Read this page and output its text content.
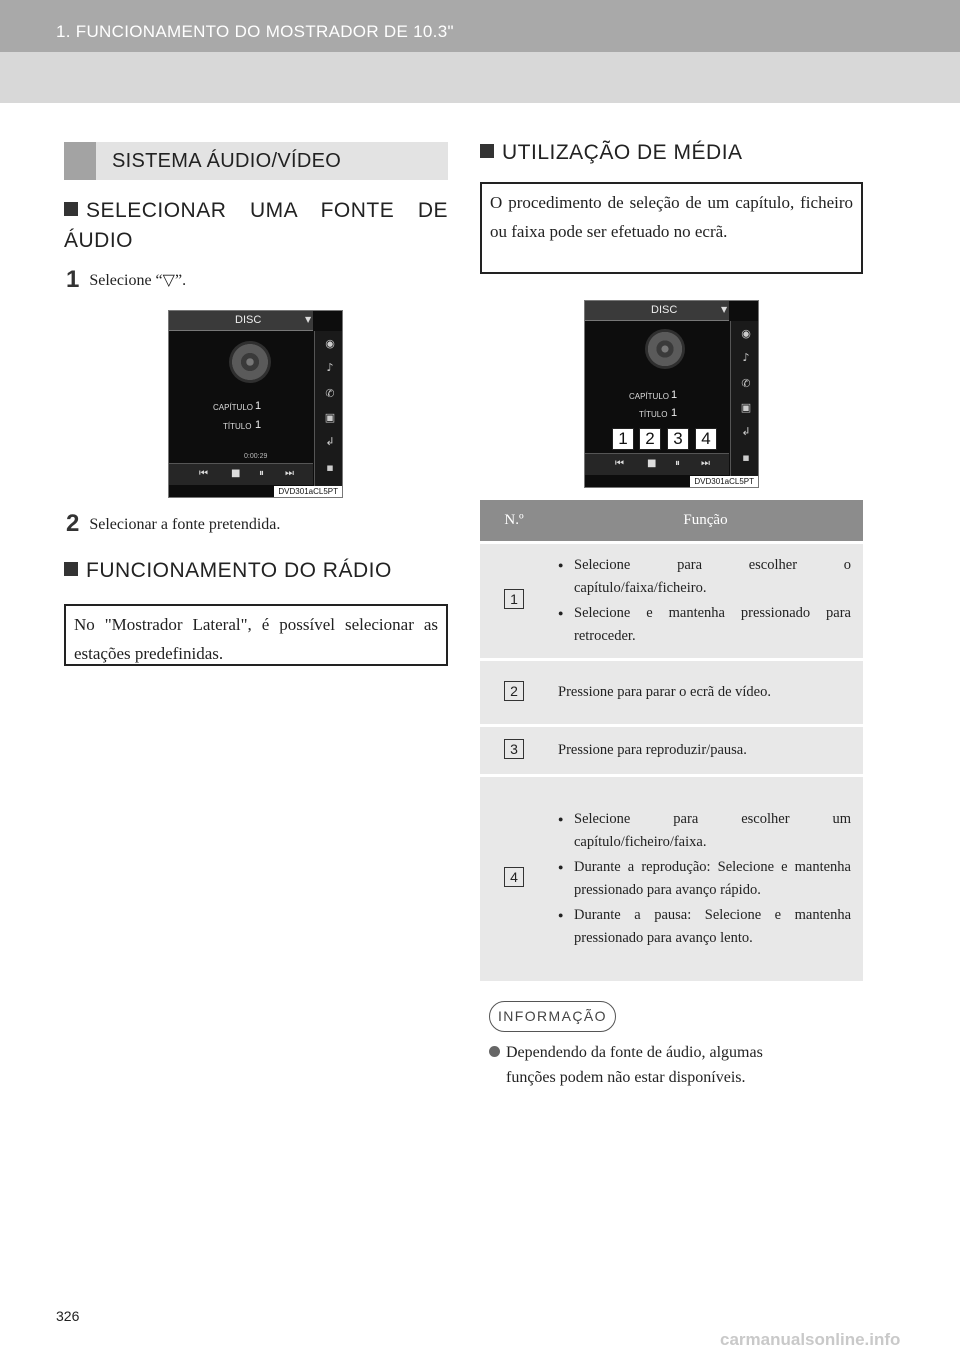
1. FUNCIONAMENTO DO MOSTRADOR DE 10.3"
SISTEMA ÁUDIO/VÍDEO
SELECIONAR UMA FONTE DE ÁUDIO
1 Selecione “▽”.
DISC	▼
◉
♪
✆
▣
↲
▪
CAPÍTULO 1
TÍTULO 1
0:00:29
⏮ ■ ⏸ ⏭
DVD301aCL5PT
2 Selecionar a fonte pretendida.
FUNCIONAMENTO DO RÁDIO
No "Mostrador Lateral", é possível selecionar as estações predefinidas.
UTILIZAÇÃO DE MÉDIA
O procedimento de seleção de um capítulo, ficheiro ou faixa pode ser efetuado no ecrã.
DISC	▼
◉
♪
✆
▣
↲
▪
CAPÍTULO 1
TÍTULO 1
⏮ ■ ⏸ ⏭
DVD301aCL5PT
1	2	3	4
N.º	Função
1	● Selecione para escolher o capítulo/faixa/ficheiro.
● Selecione e mantenha pressionado para retroceder.

2	Pressione para parar o ecrã de vídeo.
3	Pressione para reproduzir/pausa.
4	● Selecione para escolher um capítulo/ficheiro/faixa.
● Durante a reprodução: Selecione e mantenha pressionado para avanço rápido.
● Durante a pausa: Selecione e mantenha pressionado para avanço lento.
INFORMAÇÃO
Dependendo da fonte de áudio, algumas
funções podem não estar disponíveis.
326
carmanualsonline.info
